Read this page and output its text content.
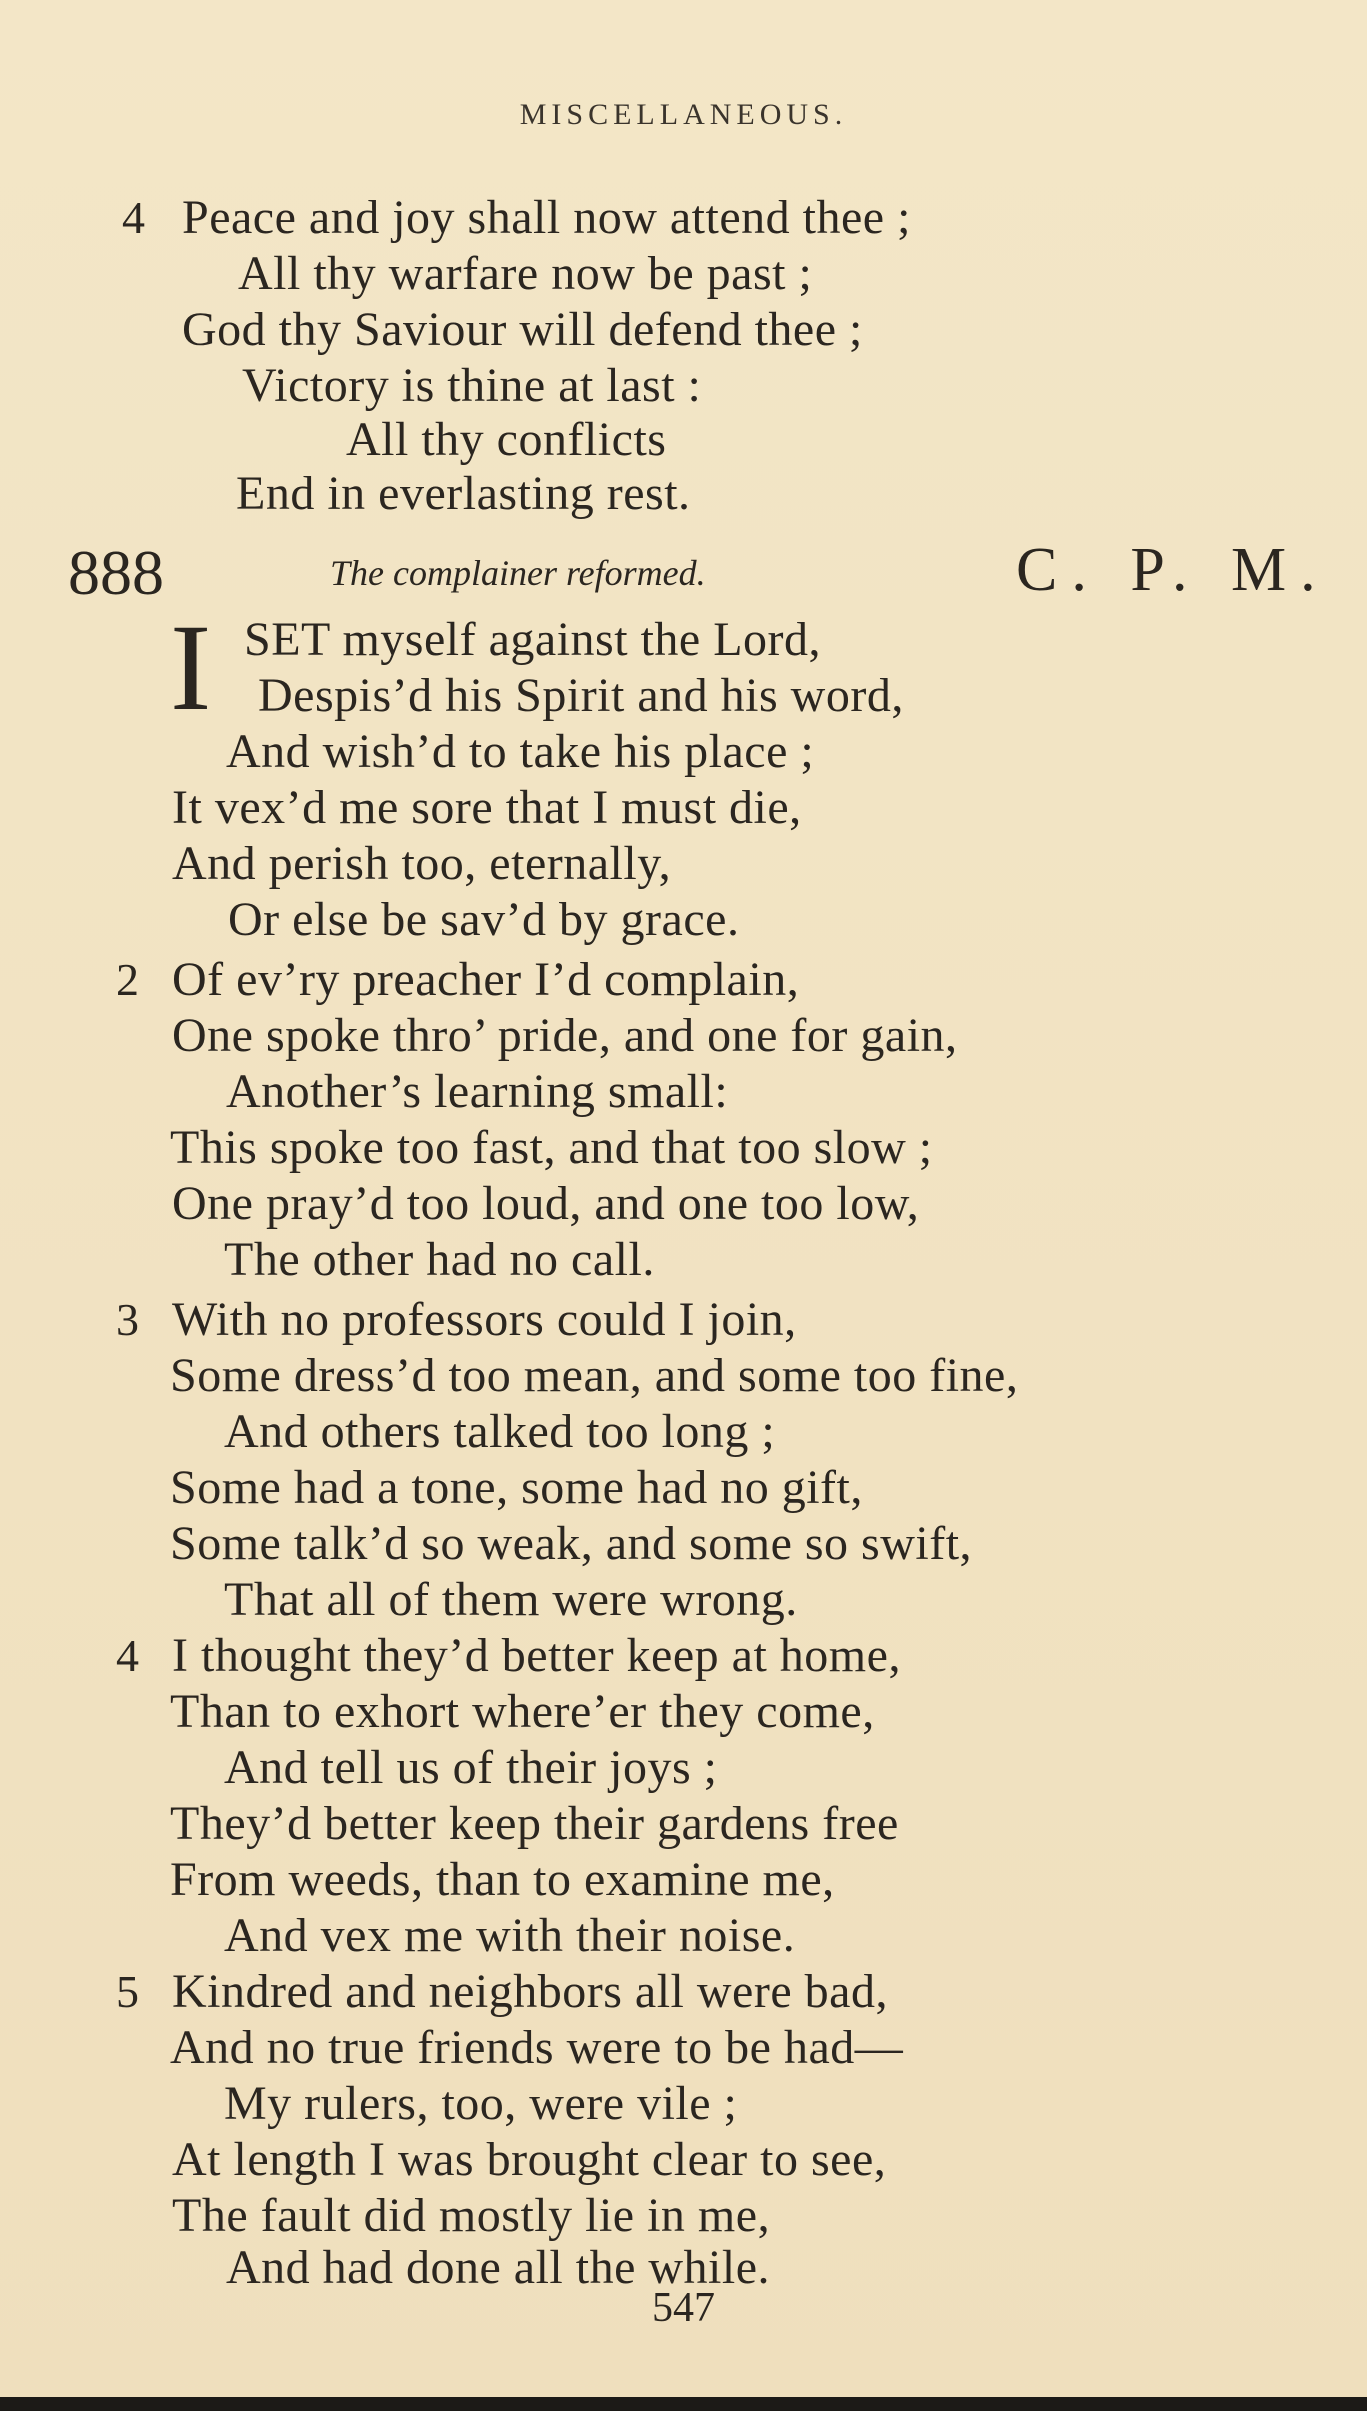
MISCELLANEOUS.
4 Peace and joy shall now attend thee ;
All thy warfare now be past ;
God thy Saviour will defend thee ;
Victory is thine at last :
All thy conflicts
End in everlasting rest.
888	The complainer reformed.	C. P. M.
I SET myself against the Lord,
Despis’d his Spirit and his word,
And wish’d to take his place ;
It vex’d me sore that I must die,
And perish too, eternally,
Or else be sav’d by grace.
2 Of ev’ry preacher I’d complain,
One spoke thro’ pride, and one for gain,
Another’s learning small:
This spoke too fast, and that too slow ;
One pray’d too loud, and one too low,
The other had no call.
3 With no professors could I join,
Some dress’d too mean, and some too fine,
And others talked too long ;
Some had a tone, some had no gift,
Some talk’d so weak, and some so swift,
That all of them were wrong.
4 I thought they’d better keep at home,
Than to exhort where’er they come,
And tell us of their joys ;
They’d better keep their gardens free
From weeds, than to examine me,
And vex me with their noise.
5 Kindred and neighbors all were bad,
And no true friends were to be had—
My rulers, too, were vile ;
At length I was brought clear to see,
The fault did mostly lie in me,
And had done all the while.
547
